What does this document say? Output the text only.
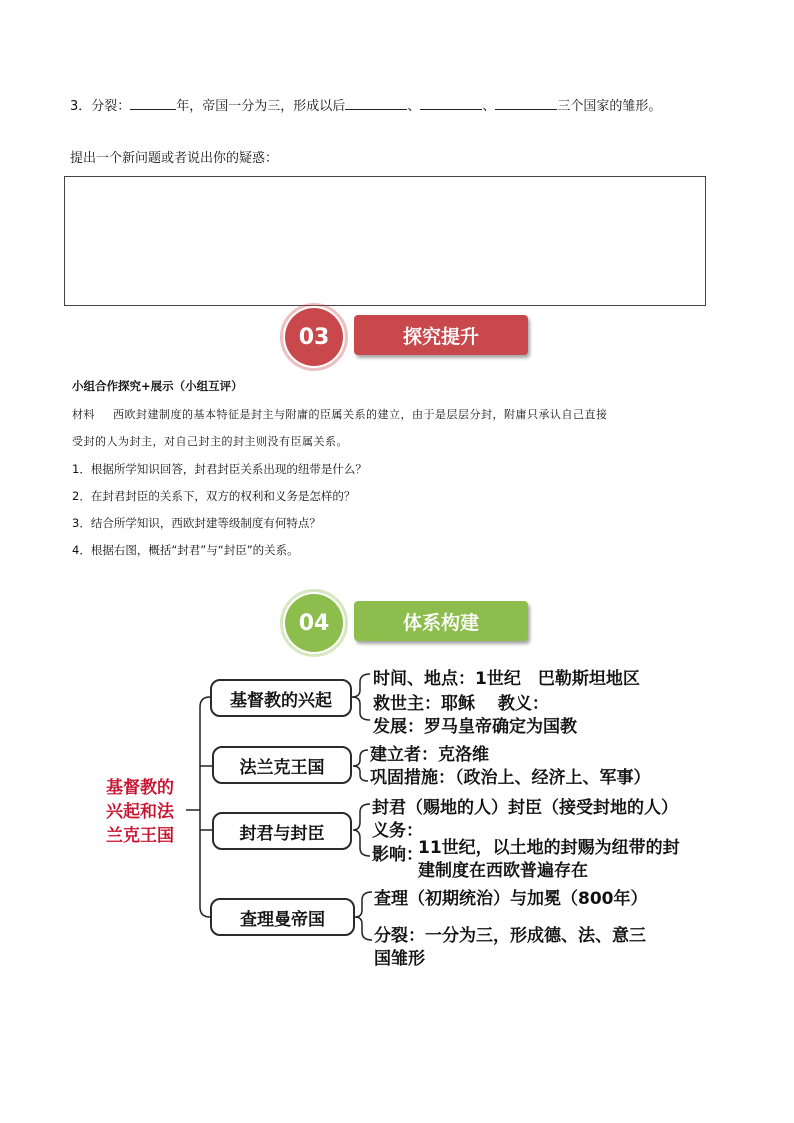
3．分裂：	年，帝国一分为三，形成以后	、	、	三个国家的雏形。
提出一个新问题或者说出你的疑惑：
03	探究提升
小组合作探究+展示（小组互评）
材料 西欧封建制度的基本特征是封主与附庸的臣属关系的建立，由于是层层分封，附庸只承认自己直接
受封的人为封主，对自己封主的封主则没有臣属关系。
1．根据所学知识回答，封君封臣关系出现的纽带是什么？
2．在封君封臣的关系下，双方的权利和义务是怎样的？
3．结合所学知识，西欧封建等级制度有何特点？
4．根据右图，概括“封君”与“封臣”的关系。
04	体系构建
基督教的
兴起和法
兰克王国
基督教的兴起
法兰克王国
封君与封臣
查理曼帝国
时间、地点：1世纪　巴勒斯坦地区
救世主：耶稣　 教义：
发展：罗马皇帝确定为国教
建立者：克洛维
巩固措施：（政治上、经济上、军事）
封君（赐地的人）封臣（接受封地的人）
义务：
影响：
11世纪，以土地的封赐为纽带的封
建制度在西欧普遍存在
查理（初期统治）与加冕（800年）
分裂：一分为三，形成德、法、意三
国雏形
